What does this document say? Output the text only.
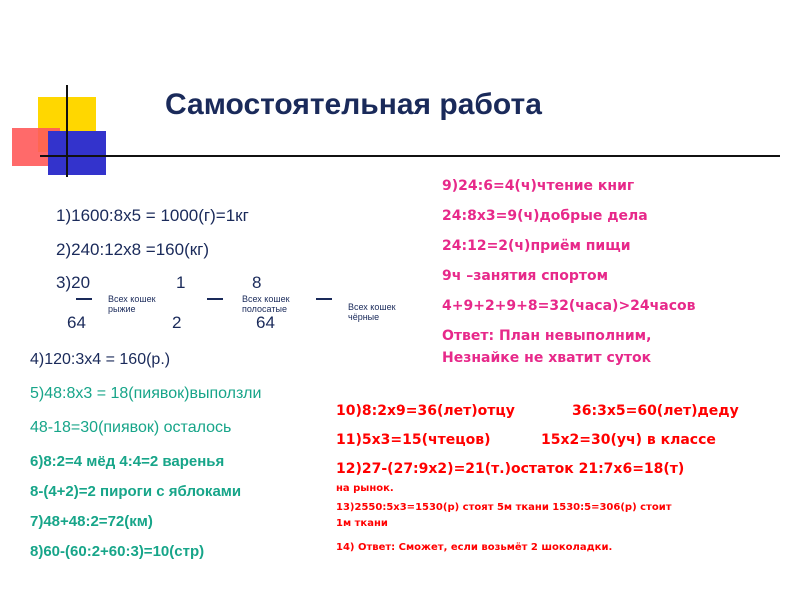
Самостоятельная работа
1)1600:8x5 = 1000(г)=1кг
2)240:12x8 =160(кг)
3)20
64
Всех кошек рыжие
1
2
Всех кошек полосатые
8
64
Всех кошек чёрные
4)120:3x4 = 160(р.)
5)48:8x3 = 18(пиявок)выползли
48-18=30(пиявок) осталось
6)8:2=4 мёд 4:4=2 варенья
8-(4+2)=2 пироги с яблоками
7)48+48:2=72(км)
8)60-(60:2+60:3)=10(стр)
9)24:6=4(ч)чтение книг
24:8x3=9(ч)добрые дела
24:12=2(ч)приём пищи
9ч –занятия спортом
4+9+2+9+8=32(часа)>24часов
Ответ: План невыполним,
Незнайке не хватит суток
10)8:2x9=36(лет)отцу	36:3x5=60(лет)деду
11)5x3=15(чтецов)	15x2=30(уч) в классе
12)27-(27:9x2)=21(т.)остаток 21:7x6=18(т)
на рынок.
13)2550:5x3=1530(р) стоят 5м ткани 1530:5=306(р) стоит
1м ткани
14) Ответ: Сможет, если возьмёт 2 шоколадки.
